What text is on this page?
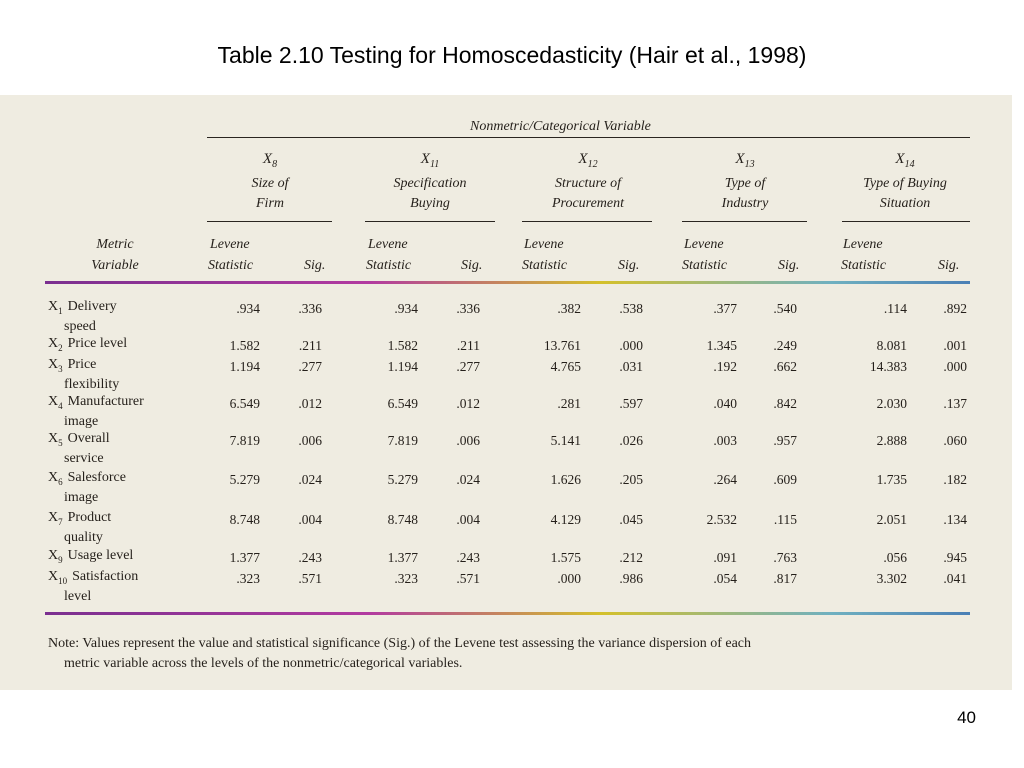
Table 2.10 Testing for Homoscedasticity (Hair et al., 1998)
Nonmetric/Categorical Variable
$X_8$
Size of
Firm
$X_{11}$
Specification
Buying
$X_{12}$
Structure of
Procurement
$X_{13}$
Type of
Industry
$X_{14}$
Type of Buying
Situation
Metric
Variable
Levene
Statistic	Sig.
Levene
Statistic	Sig.
Levene
Statistic	Sig.
Levene
Statistic	Sig.
Levene
Statistic	Sig.
$X_1$ Delivery
speed
.934	.336	.934	.336	.382	.538	.377	.540	.114	.892
$X_2$ Price level	1.582	.211	1.582	.211	13.761	.000	1.345	.249	8.081	.001
$X_3$ Price
flexibility
1.194	.277	1.194	.277	4.765	.031	.192	.662	14.383	.000
$X_4$ Manufacturer
image
6.549	.012	6.549	.012	.281	.597	.040	.842	2.030	.137
$X_5$ Overall
service
7.819	.006	7.819	.006	5.141	.026	.003	.957	2.888	.060
$X_6$ Salesforce
image
5.279	.024	5.279	.024	1.626	.205	.264	.609	1.735	.182
$X_7$ Product
quality
8.748	.004	8.748	.004	4.129	.045	2.532	.115	2.051	.134
$X_9$ Usage level	1.377	.243	1.377	.243	1.575	.212	.091	.763	.056	.945
$X_{10}$ Satisfaction
level
.323	.571	.323	.571	.000	.986	.054	.817	3.302	.041
Note: Values represent the value and statistical significance (Sig.) of the Levene test assessing the variance dispersion of each
metric variable across the levels of the nonmetric/categorical variables.
40
